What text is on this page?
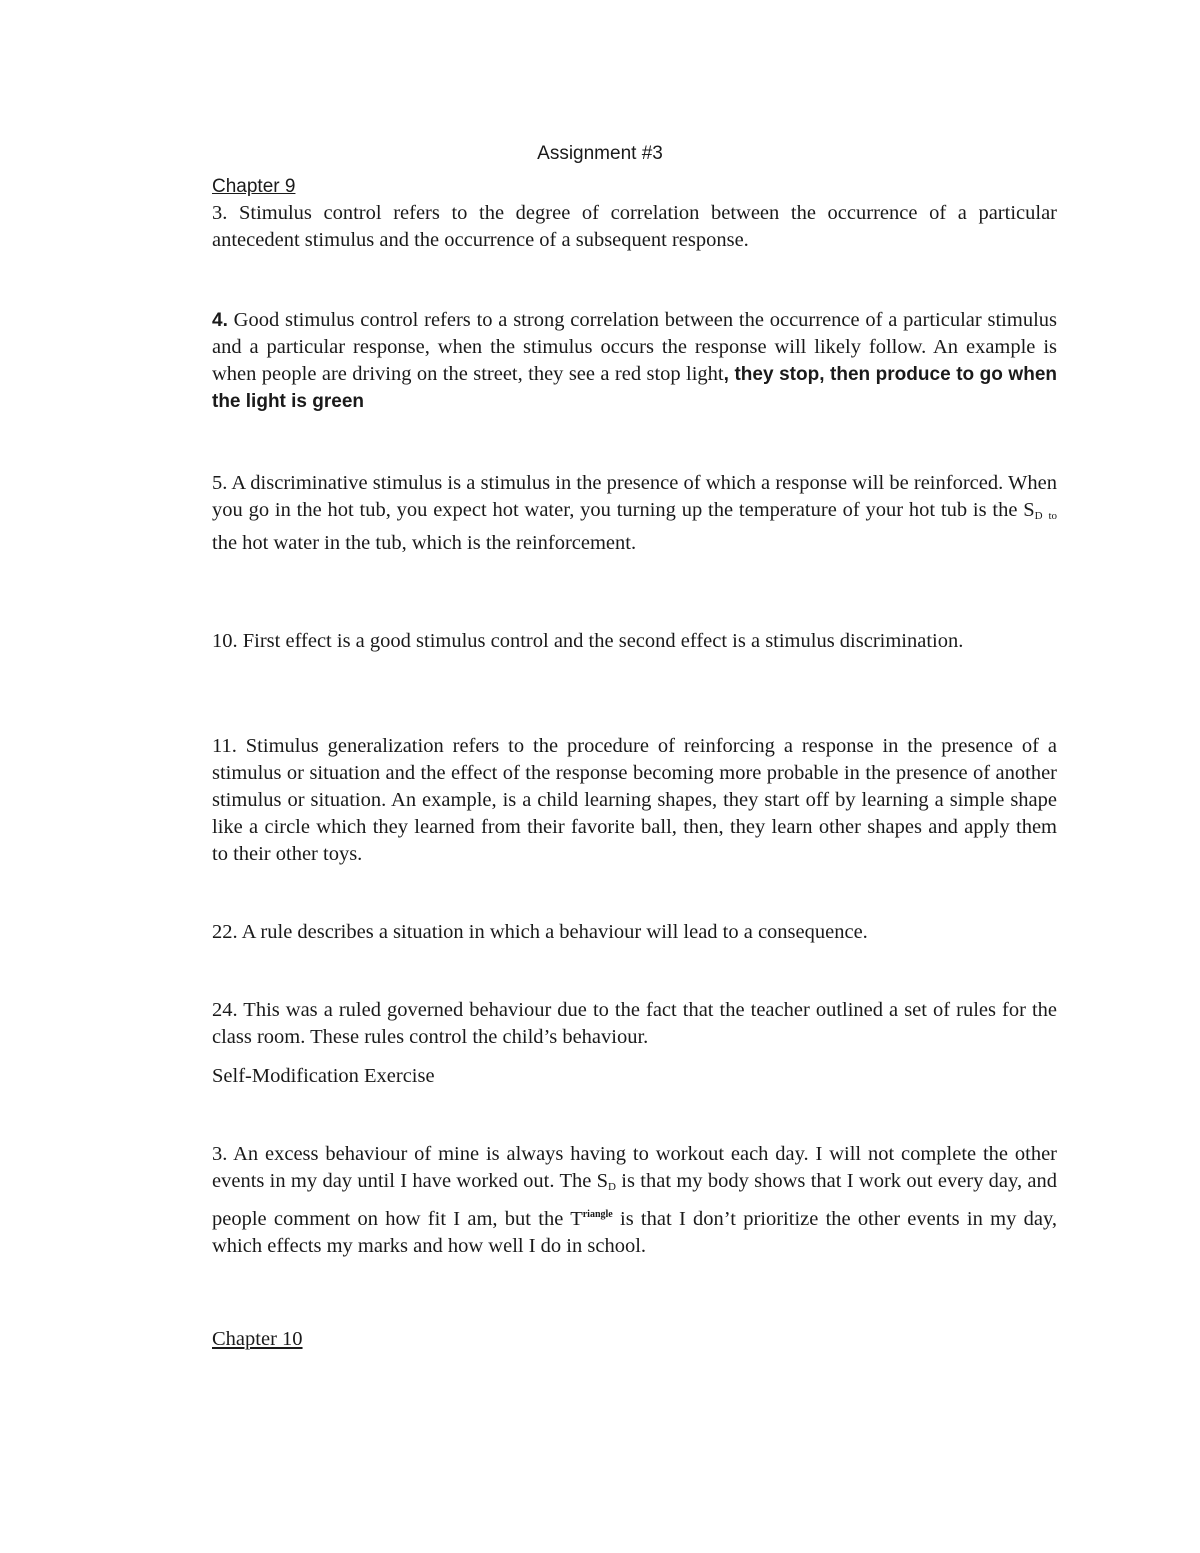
Assignment #3
Chapter 9
3. Stimulus control refers to the degree of correlation between the occurrence of a particular antecedent stimulus and the occurrence of a subsequent response.
4. Good stimulus control refers to a strong correlation between the occurrence of a particular stimulus and a particular response, when the stimulus occurs the response will likely follow. An example is when people are driving on the street, they see a red stop light, they stop, then produce to go when the light is green
5. A discriminative stimulus is a stimulus in the presence of which a response will be reinforced. When you go in the hot tub, you expect hot water, you turning up the temperature of your hot tub is the $S_D$ $_{to}$ the hot water in the tub, which is the reinforcement.
10. First effect is a good stimulus control and the second effect is a stimulus discrimination.
11. Stimulus generalization refers to the procedure of reinforcing a response in the presence of a stimulus or situation and the effect of the response becoming more probable in the presence of another stimulus or situation. An example, is a child learning shapes, they start off by learning a simple shape like a circle which they learned from their favorite ball, then, they learn other shapes and apply them to their other toys.
22. A rule describes a situation in which a behaviour will lead to a consequence.
24. This was a ruled governed behaviour due to the fact that the teacher outlined a set of rules for the class room. These rules control the child’s behaviour.
Self-Modification Exercise
3. An excess behaviour of mine is always having to workout each day. I will not complete the other events in my day until I have worked out. The $S_D$ is that my body shows that I work out every day, and people comment on how fit I am, but the $T^{riangle}$ is that I don’t prioritize the other events in my day, which effects my marks and how well I do in school.
Chapter 10
